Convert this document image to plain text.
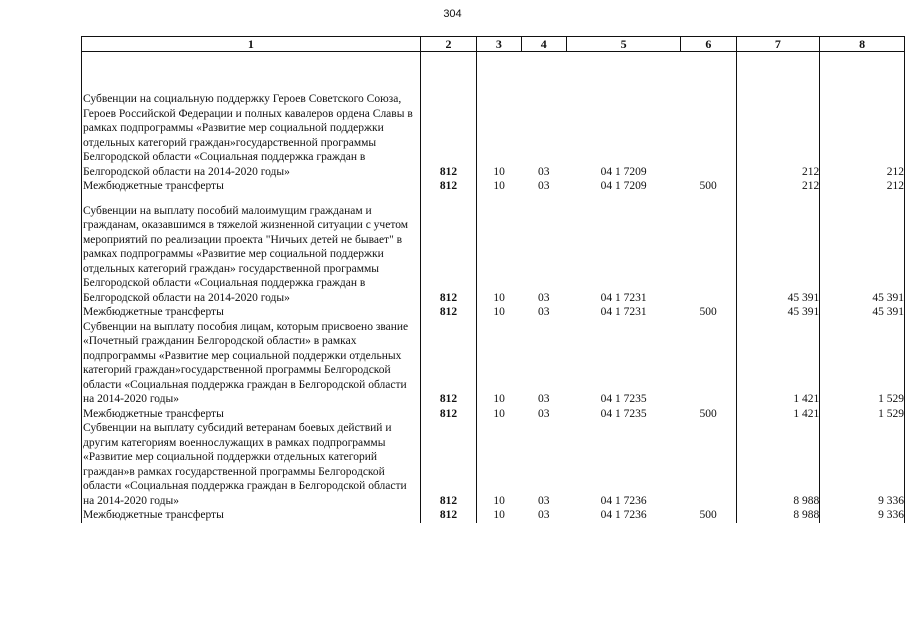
304
1	2	3	4	5	6	7	8

Субвенции на социальную поддержку Героев Советского Союза, Героев Российской Федерации и полных кавалеров ордена Славы в рамках подпрограммы «Развитие мер социальной поддержки отдельных категорий граждан»государственной программы Белгородской области «Социальная поддержка граждан в Белгородской области на 2014-2020 годы»	812	10	03	04 1 7209		212	212
Межбюджетные трансферты	812	10	03	04 1 7209	500	212	212

Субвенции на выплату пособий малоимущим гражданам и гражданам, оказавшимся в тяжелой жизненной ситуации с учетом мероприятий по реализации проекта "Ничьих детей не бывает" в рамках подпрограммы «Развитие мер социальной поддержки отдельных категорий граждан» государственной программы Белгородской области «Социальная поддержка граждан в Белгородской области на 2014-2020 годы»	812	10	03	04 1 7231		45 391	45 391
Межбюджетные трансферты	812	10	03	04 1 7231	500	45 391	45 391
Субвенции на выплату пособия лицам, которым присвоено звание «Почетный гражданин Белгородской области» в рамках подпрограммы «Развитие мер социальной поддержки отдельных категорий граждан»государственной программы Белгородской области «Социальная поддержка граждан в Белгородской области на 2014-2020 годы»	812	10	03	04 1 7235		1 421	1 529
Межбюджетные трансферты	812	10	03	04 1 7235	500	1 421	1 529
Субвенции на выплату субсидий ветеранам боевых действий и другим категориям военнослужащих в рамках подпрограммы «Развитие мер социальной поддержки отдельных категорий граждан»в рамках государственной программы Белгородской области «Социальная поддержка граждан в Белгородской области на 2014-2020 годы»	812	10	03	04 1 7236		8 988	9 336
Межбюджетные трансферты	812	10	03	04 1 7236	500	8 988	9 336
